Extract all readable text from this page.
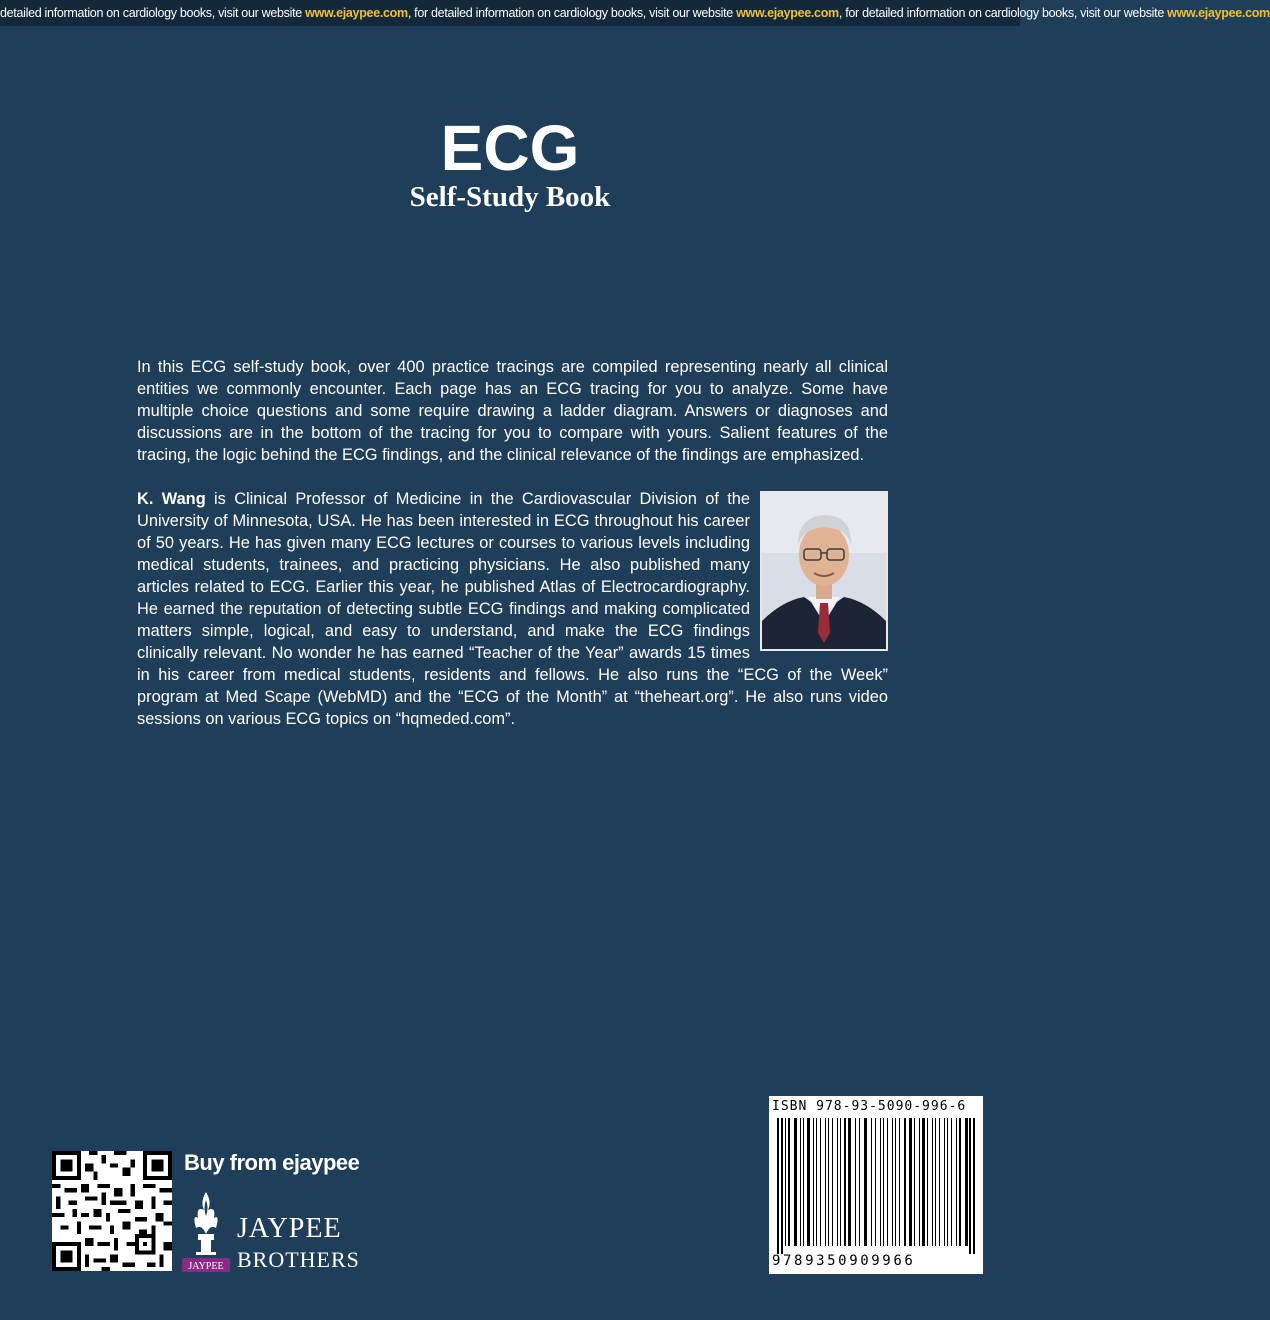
detailed information on cardiology books, visit our website www.ejaypee.com, for detailed information on cardiology books, visit our website www.ejaypee.com, for detailed information on cardiology books, visit our website www.ejaypee.com
ECG
Self-Study Book
In this ECG self-study book, over 400 practice tracings are compiled representing nearly all clinical entities we commonly encounter. Each page has an ECG tracing for you to analyze. Some have multiple choice questions and some require drawing a ladder diagram. Answers or diagnoses and discussions are in the bottom of the tracing for you to compare with yours. Salient features of the tracing, the logic behind the ECG findings, and the clinical relevance of the findings are emphasized.
K. Wang is Clinical Professor of Medicine in the Cardiovascular Division of the University of Minnesota, USA. He has been interested in ECG throughout his career of 50 years. He has given many ECG lectures or courses to various levels including medical students, trainees, and practicing physicians. He also published many articles related to ECG. Earlier this year, he published Atlas of Electrocardiography. He earned the reputation of detecting subtle ECG findings and making complicated matters simple, logical, and easy to understand, and make the ECG findings clinically relevant. No wonder he has earned “Teacher of the Year” awards 15 times in his career from medical students, residents and fellows. He also runs the “ECG of the Week” program at Med Scape (WebMD) and the “ECG of the Month” at “theheart.org”. He also runs video sessions on various ECG topics on “hqmeded.com”.
Buy from ejaypee
JAYPEE
JAYPEE
BROTHERS
ISBN 978-93-5090-996-6
9789350909966
